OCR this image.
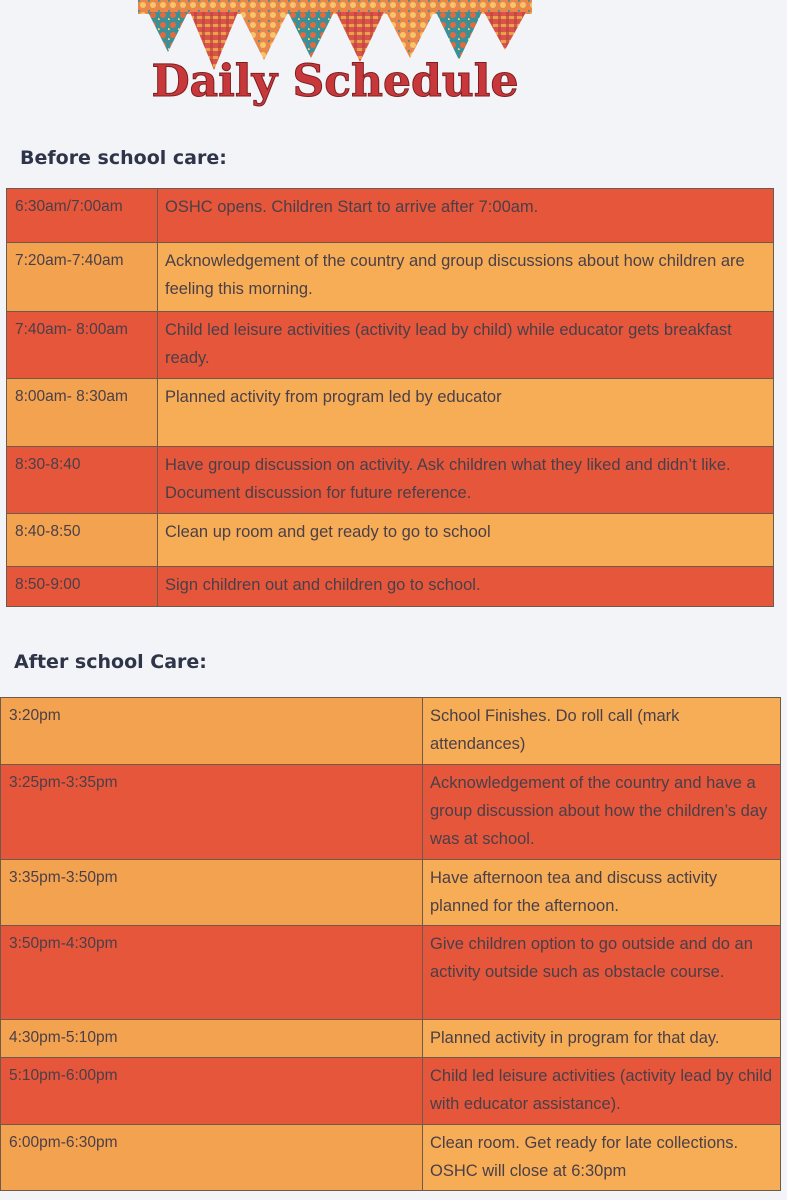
Daily Schedule
Before school care:
6:30am/7:00am	OSHC opens. Children Start to arrive after 7:00am.
7:20am-7:40am	Acknowledgement of the country and group discussions about how children are feeling this morning.
7:40am- 8:00am	Child led leisure activities (activity lead by child) while educator gets breakfast ready.
8:00am- 8:30am	Planned activity from program led by educator
8:30-8:40	Have group discussion on activity. Ask children what they liked and didn’t like. Document discussion for future reference.
8:40-8:50	Clean up room and get ready to go to school
8:50-9:00	Sign children out and children go to school.
After school Care:
3:20pm	School Finishes. Do roll call (mark attendances)
3:25pm-3:35pm	Acknowledgement of the country and have a group discussion about how the children’s day was at school.
3:35pm-3:50pm	Have afternoon tea and discuss activity planned for the afternoon.
3:50pm-4:30pm	Give children option to go outside and do an activity outside such as obstacle course.
4:30pm-5:10pm	Planned activity in program for that day.
5:10pm-6:00pm	Child led leisure activities (activity lead by child with educator assistance).
6:00pm-6:30pm	Clean room. Get ready for late collections. OSHC will close at 6:30pm
